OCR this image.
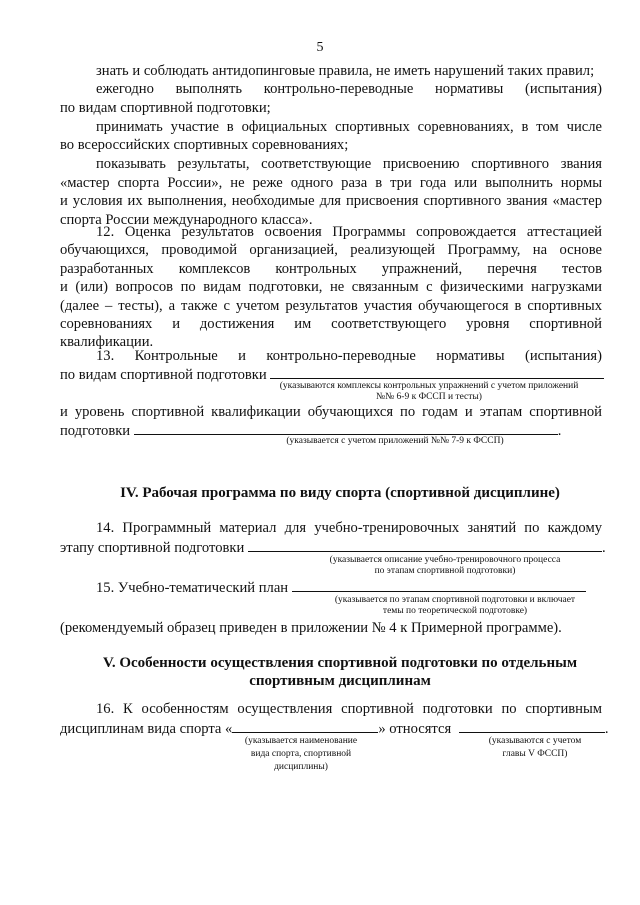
5
знать и соблюдать антидопинговые правила, не иметь нарушений таких правил;
ежегодно выполнять контрольно-переводные нормативы (испытания)
по видам спортивной подготовки;
принимать участие в официальных спортивных соревнованиях, в том числе
во всероссийских спортивных соревнованиях;
показывать результаты, соответствующие присвоению спортивного звания
«мастер спорта России», не реже одного раза в три года или выполнить нормы
и условия их выполнения, необходимые для присвоения спортивного звания «мастер
спорта России международного класса».
12. Оценка результатов освоения Программы сопровождается аттестацией
обучающихся, проводимой организацией, реализующей Программу, на основе
разработанных комплексов контрольных упражнений, перечня тестов
и (или) вопросов по видам подготовки, не связанным с физическими нагрузками
(далее – тесты), а также с учетом результатов участия обучающегося в спортивных
соревнованиях и достижения им соответствующего уровня спортивной
квалификации.
13. Контрольные и контрольно-переводные нормативы (испытания)
по видам спортивной подготовки
(указываются комплексы контрольных упражнений с учетом приложений
№№ 6-9 к ФССП и тесты)
и уровень спортивной квалификации обучающихся по годам и этапам спортивной
подготовки	.
(указывается с учетом приложений №№ 7-9 к ФССП)
IV. Рабочая программа по виду спорта (спортивной дисциплине)
14. Программный материал для учебно-тренировочных занятий по каждому
этапу спортивной подготовки	.
(указывается описание учебно-тренировочного процесса
по этапам спортивной подготовки)
15. Учебно-тематический план
(указывается по этапам спортивной подготовки и включает
темы по теоретической подготовке)
(рекомендуемый образец приведен в приложении № 4 к Примерной программе).
V. Особенности осуществления спортивной подготовки по отдельным
спортивным дисциплинам
16. К особенностям осуществления спортивной подготовки по спортивным
дисциплинам вида спорта «	» относятся	.
(указывается наименование
вида спорта, спортивной
дисциплины)
(указываются с учетом
главы V ФССП)
